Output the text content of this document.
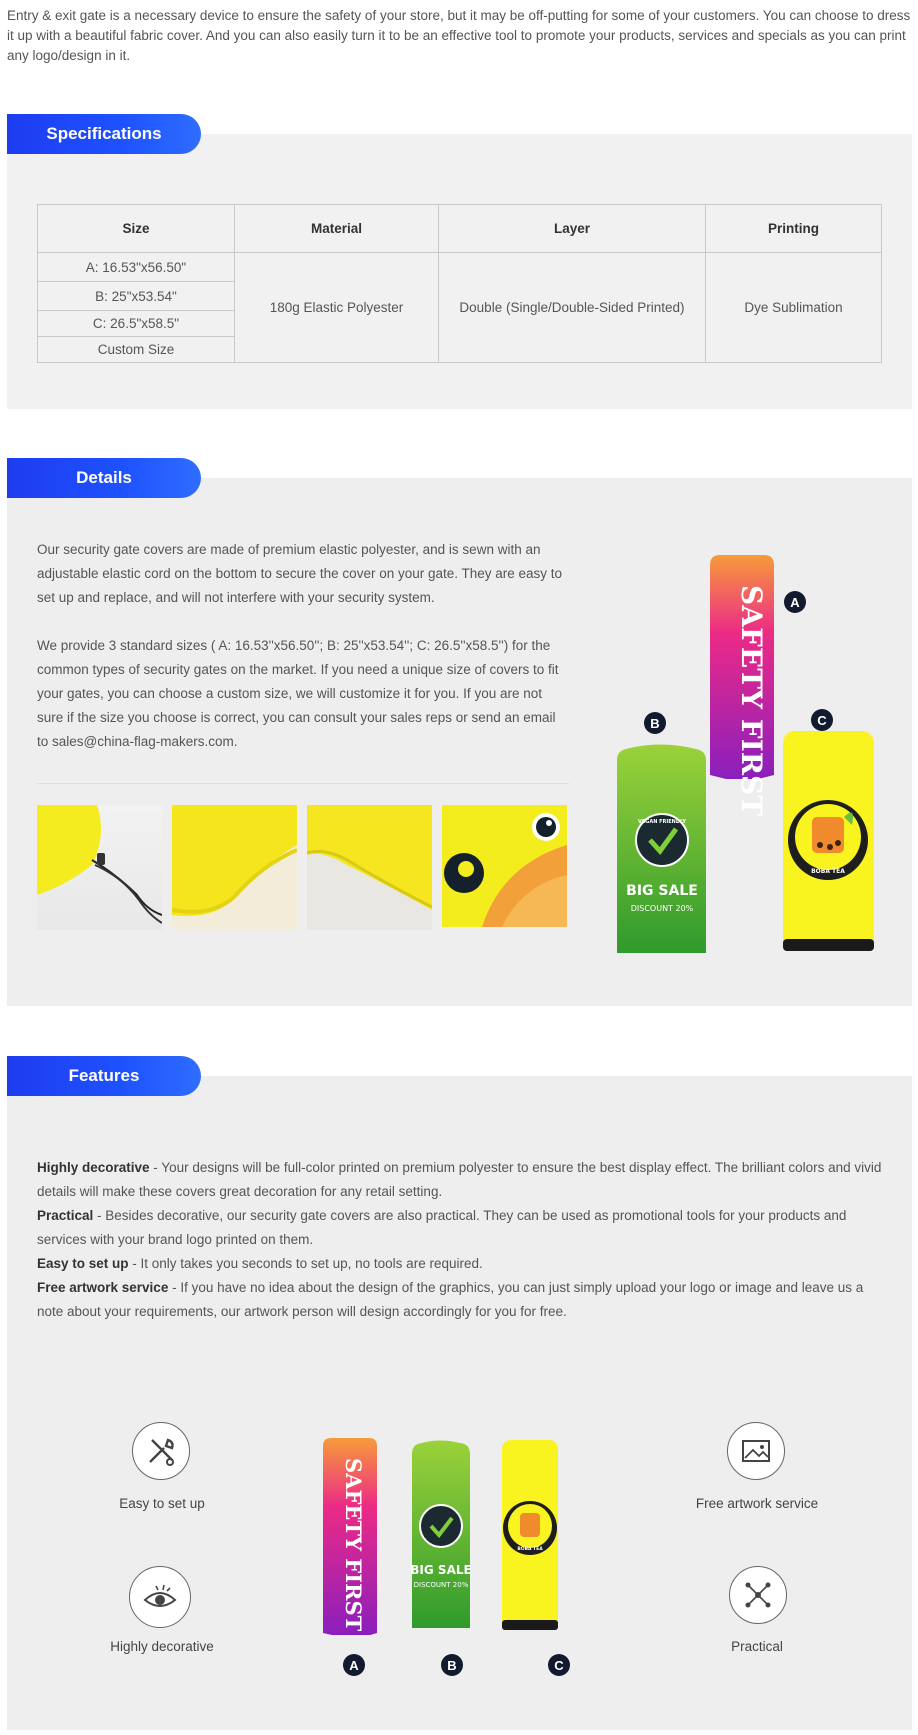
Entry & exit gate is a necessary device to ensure the safety of your store, but it may be off-putting for some of your customers. You can choose to dress it up with a beautiful fabric cover. And you can also easily turn it to be an effective tool to promote your products, services and specials as you can print any logo/design in it.
Specifications
Size	Material	Layer	Printing
A: 16.53"x56.50"	180g Elastic Polyester	Double (Single/Double-Sided Printed)	Dye Sublimation
B: 25"x53.54"			
C: 26.5"x58.5"			
Custom Size			
Details

Our security gate covers are made of premium elastic polyester, and is sewn with an adjustable elastic cord on the bottom to secure the cover on your gate. They are easy to set up and replace, and will not interfere with your security system.

We provide 3 standard sizes ( A: 16.53''x56.50''; B: 25''x53.54''; C: 26.5''x58.5'') for the common types of security gates on the market. If you need a unique size of covers to fit your gates, you can choose a custom size, we will customize it for you. If you are not sure if the size you choose is correct, you can consult your sales reps or send an email to sales@china-flag-makers.com.	SAFETY FIRST
VEGAN FRIENDLY
BIG SALE
DISCOUNT 20%
BOBA TEA
A
B	C
Features

Highly decorative - Your designs will be full-color printed on premium polyester to ensure the best display effect. The brilliant colors and vivid details will make these covers great decoration for any retail setting.

Practical - Besides decorative, our security gate covers are also practical. They can be used as promotional tools for your products and services with your brand logo printed on them.

Easy to set up - It only takes you seconds to set up, no tools are required.

Free artwork service - If you have no idea about the design of the graphics, you can just simply upload your logo or image and leave us a note about your requirements, our artwork person will design accordingly for you for free.

Easy to set up
Highly decorative
Free artwork service
Practical
SAFETY FIRST	BIG SALE
DISCOUNT 20%
BOBA TEA
A	B	C
